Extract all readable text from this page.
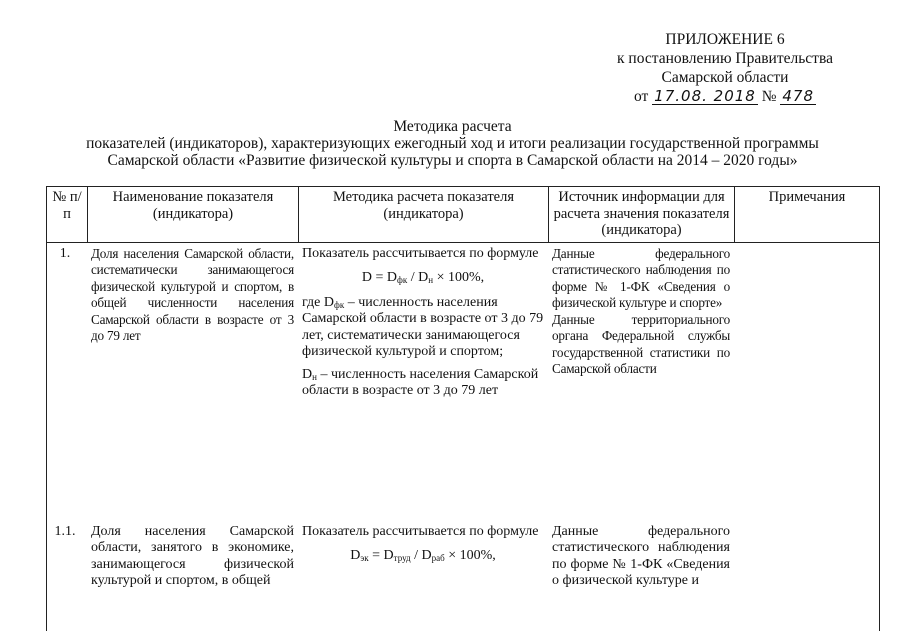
ПРИЛОЖЕНИЕ 6
к постановлению Правительства
Самарской области
от 17.08. 2018 № 478
Методика расчета
показателей (индикаторов), характеризующих ежегодный ход и итоги реализации государственной программы
Самарской области «Развитие физической культуры и спорта в Самарской области на 2014 – 2020 годы»
№ п/п
Наименование показателя (индикатора)
Методика расчета показателя (индикатора)
Источник информации для расчета значения показателя (индикатора)
Примечания
1.	Доля населения Самарской области, систематически занимающегося физической культурой и спортом, в общей численности населения Самарской области в возрасте от 3 до 79 лет

Показатель рассчитывается по формуле

$D = D_{фк} / D_н \times 100\%$,

где $D_{фк}$ – численность населения Самарской области в возрасте от 3 до 79 лет, систематически занимающегося физической культурой и спортом;

$D_н$ – численность населения Самарской области в возрасте от 3 до 79 лет

Данные федерального статистического наблюдения по форме № 1-ФК «Сведения о физической культуре и спорте»
Данные территориального органа Федеральной службы государственной статистики по Самарской области
1.1.	Доля населения Самарской области, занятого в экономике, занимающегося физической культурой и спортом, в общей

Показатель рассчитывается по формуле

$D_{эк} = D_{труд} / D_{раб} \times 100\%$,
Данные федерального статистического наблюдения по форме № 1-ФК «Сведения о физической культуре и
